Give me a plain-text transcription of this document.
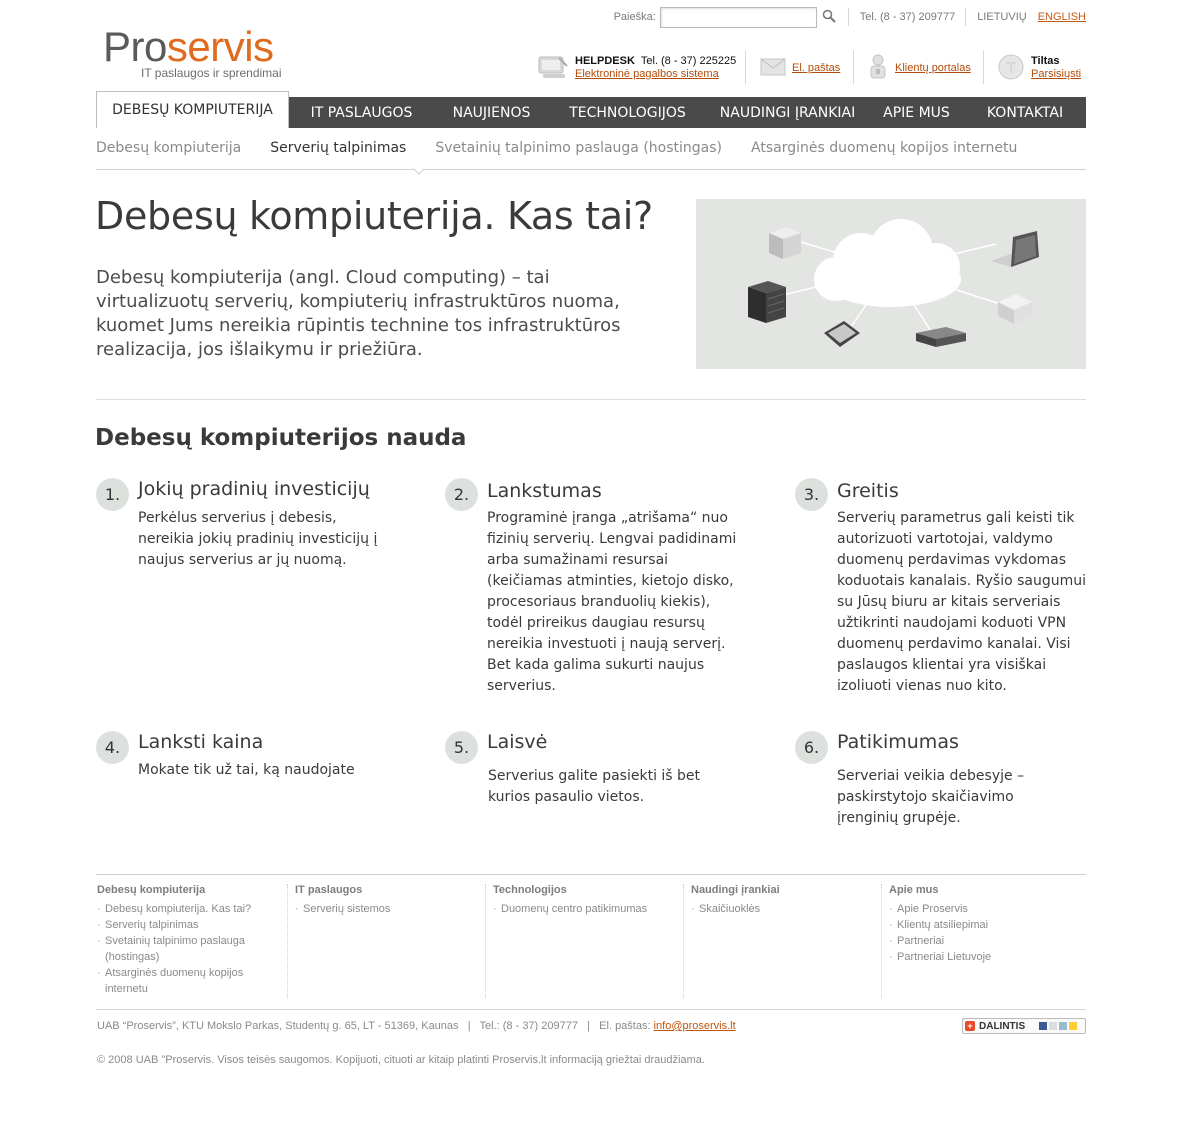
Paieška:	Tel. (8 - 37) 209777 LIETUVIŲ ENGLISH
Proservis
IT paslaugos ir sprendimai
HELPDESK Tel. (8 - 37) 225225
Elektroninė pagalbos sistema	El. paštas	Klientų portalas	T Tiltas
Parsisiųsti
DEBESŲ KOMPIUTERIJA	IT PASLAUGOS	NAUJIENOS	TECHNOLOGIJOS	NAUDINGI ĮRANKIAI	APIE MUS	KONTAKTAI
Debesų kompiuterija Serverių talpinimas Svetainių talpinimo paslauga (hostingas) Atsarginės duomenų kopijos internetu
Debesų kompiuterija. Kas tai?

Debesų kompiuterija (angl. Cloud computing) – tai virtualizuotų serverių, kompiuterių infrastruktūros nuoma, kuomet Jums nereikia rūpintis technine tos infrastruktūros realizacija, jos išlaikymu ir priežiūra.

Debesų kompiuterijos nauda
1. Jokių pradinių investicijų
Perkėlus serverius į debesis, nereikia jokių pradinių investicijų į naujus serverius ar jų nuomą.
2. Lankstumas
Programinė įranga „atrišama“ nuo fizinių serverių. Lengvai padidinami arba sumažinami resursai (keičiamas atminties, kietojo disko, procesoriaus branduolių kiekis), todėl prireikus daugiau resursų nereikia investuoti į naują serverį. Bet kada galima sukurti naujus serverius.
3. Greitis
Serverių parametrus gali keisti tik autorizuoti vartotojai, valdymo duomenų perdavimas vykdomas koduotais kanalais. Ryšio saugumui su Jūsų biuru ar kitais serveriais užtikrinti naudojami koduoti VPN duomenų perdavimo kanalai. Visi paslaugos klientai yra visiškai izoliuoti vienas nuo kito.
4. Lanksti kaina
Mokate tik už tai, ką naudojate
5. Laisvė
Serverius galite pasiekti iš bet kurios pasaulio vietos.
6. Patikimumas
Serveriai veikia debesyje – paskirstytojo skaičiavimo įrenginių grupėje.
Debesų kompiuterija
· Debesų kompiuterija. Kas tai?
· Serverių talpinimas
· Svetainių talpinimo paslauga (hostingas)
· Atsarginės duomenų kopijos internetu
IT paslaugos
· Serverių sistemos
Technologijos
· Duomenų centro patikimumas
Naudingi įrankiai
· Skaičiuoklės
Apie mus
· Apie Proservis
· Klientų atsiliepimai
· Partneriai
· Partneriai Lietuvoje
UAB “Proservis”, KTU Mokslo Parkas, Studentų g. 65, LT - 51369, Kaunas   |   Tel.: (8 - 37) 209777   |   El. paštas: info@proservis.lt	+ DALINTIS
© 2008 UAB "Proservis. Visos teisės saugomos. Kopijuoti, cituoti ar kitaip platinti Proservis.lt informaciją griežtai draudžiama.
